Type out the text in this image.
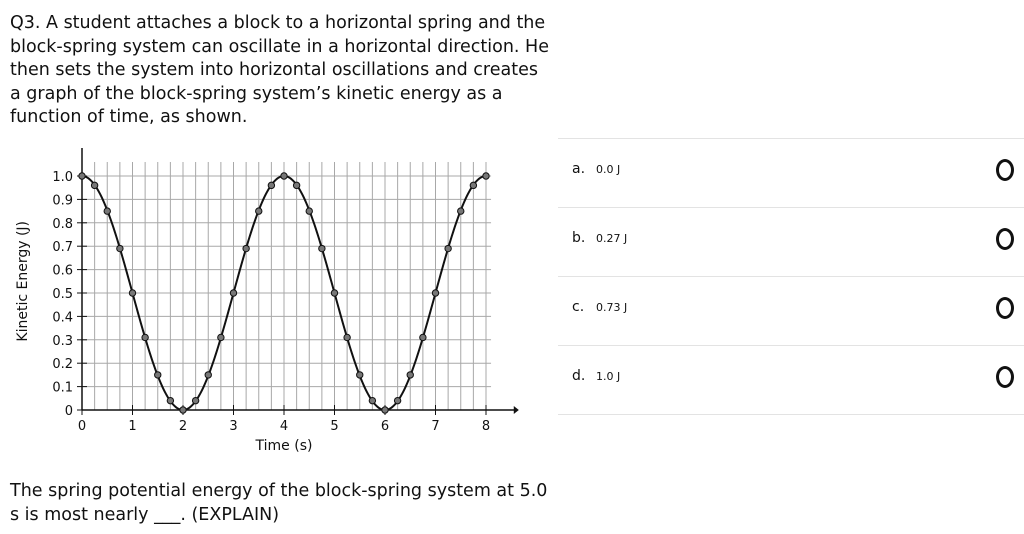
Q3. A student attaches a block to a horizontal spring and the
block-spring system can oscillate in a horizontal direction. He
then sets the system into horizontal oscillations and creates
a graph of the block-spring system’s kinetic energy as a
function of time, as shown.
0
0.1
0.2
0.3
0.4
0.5
0.6
0.7
0.8
0.9
1.0
0	1	2	3	4	5	6	7	8
Time (s)
Kinetic Energy (J)
The spring potential energy of the block-spring system at 5.0
s is most nearly ___. (EXPLAIN)
a. 0.0 J
b. 0.27 J
c. 0.73 J
d. 1.0 J
